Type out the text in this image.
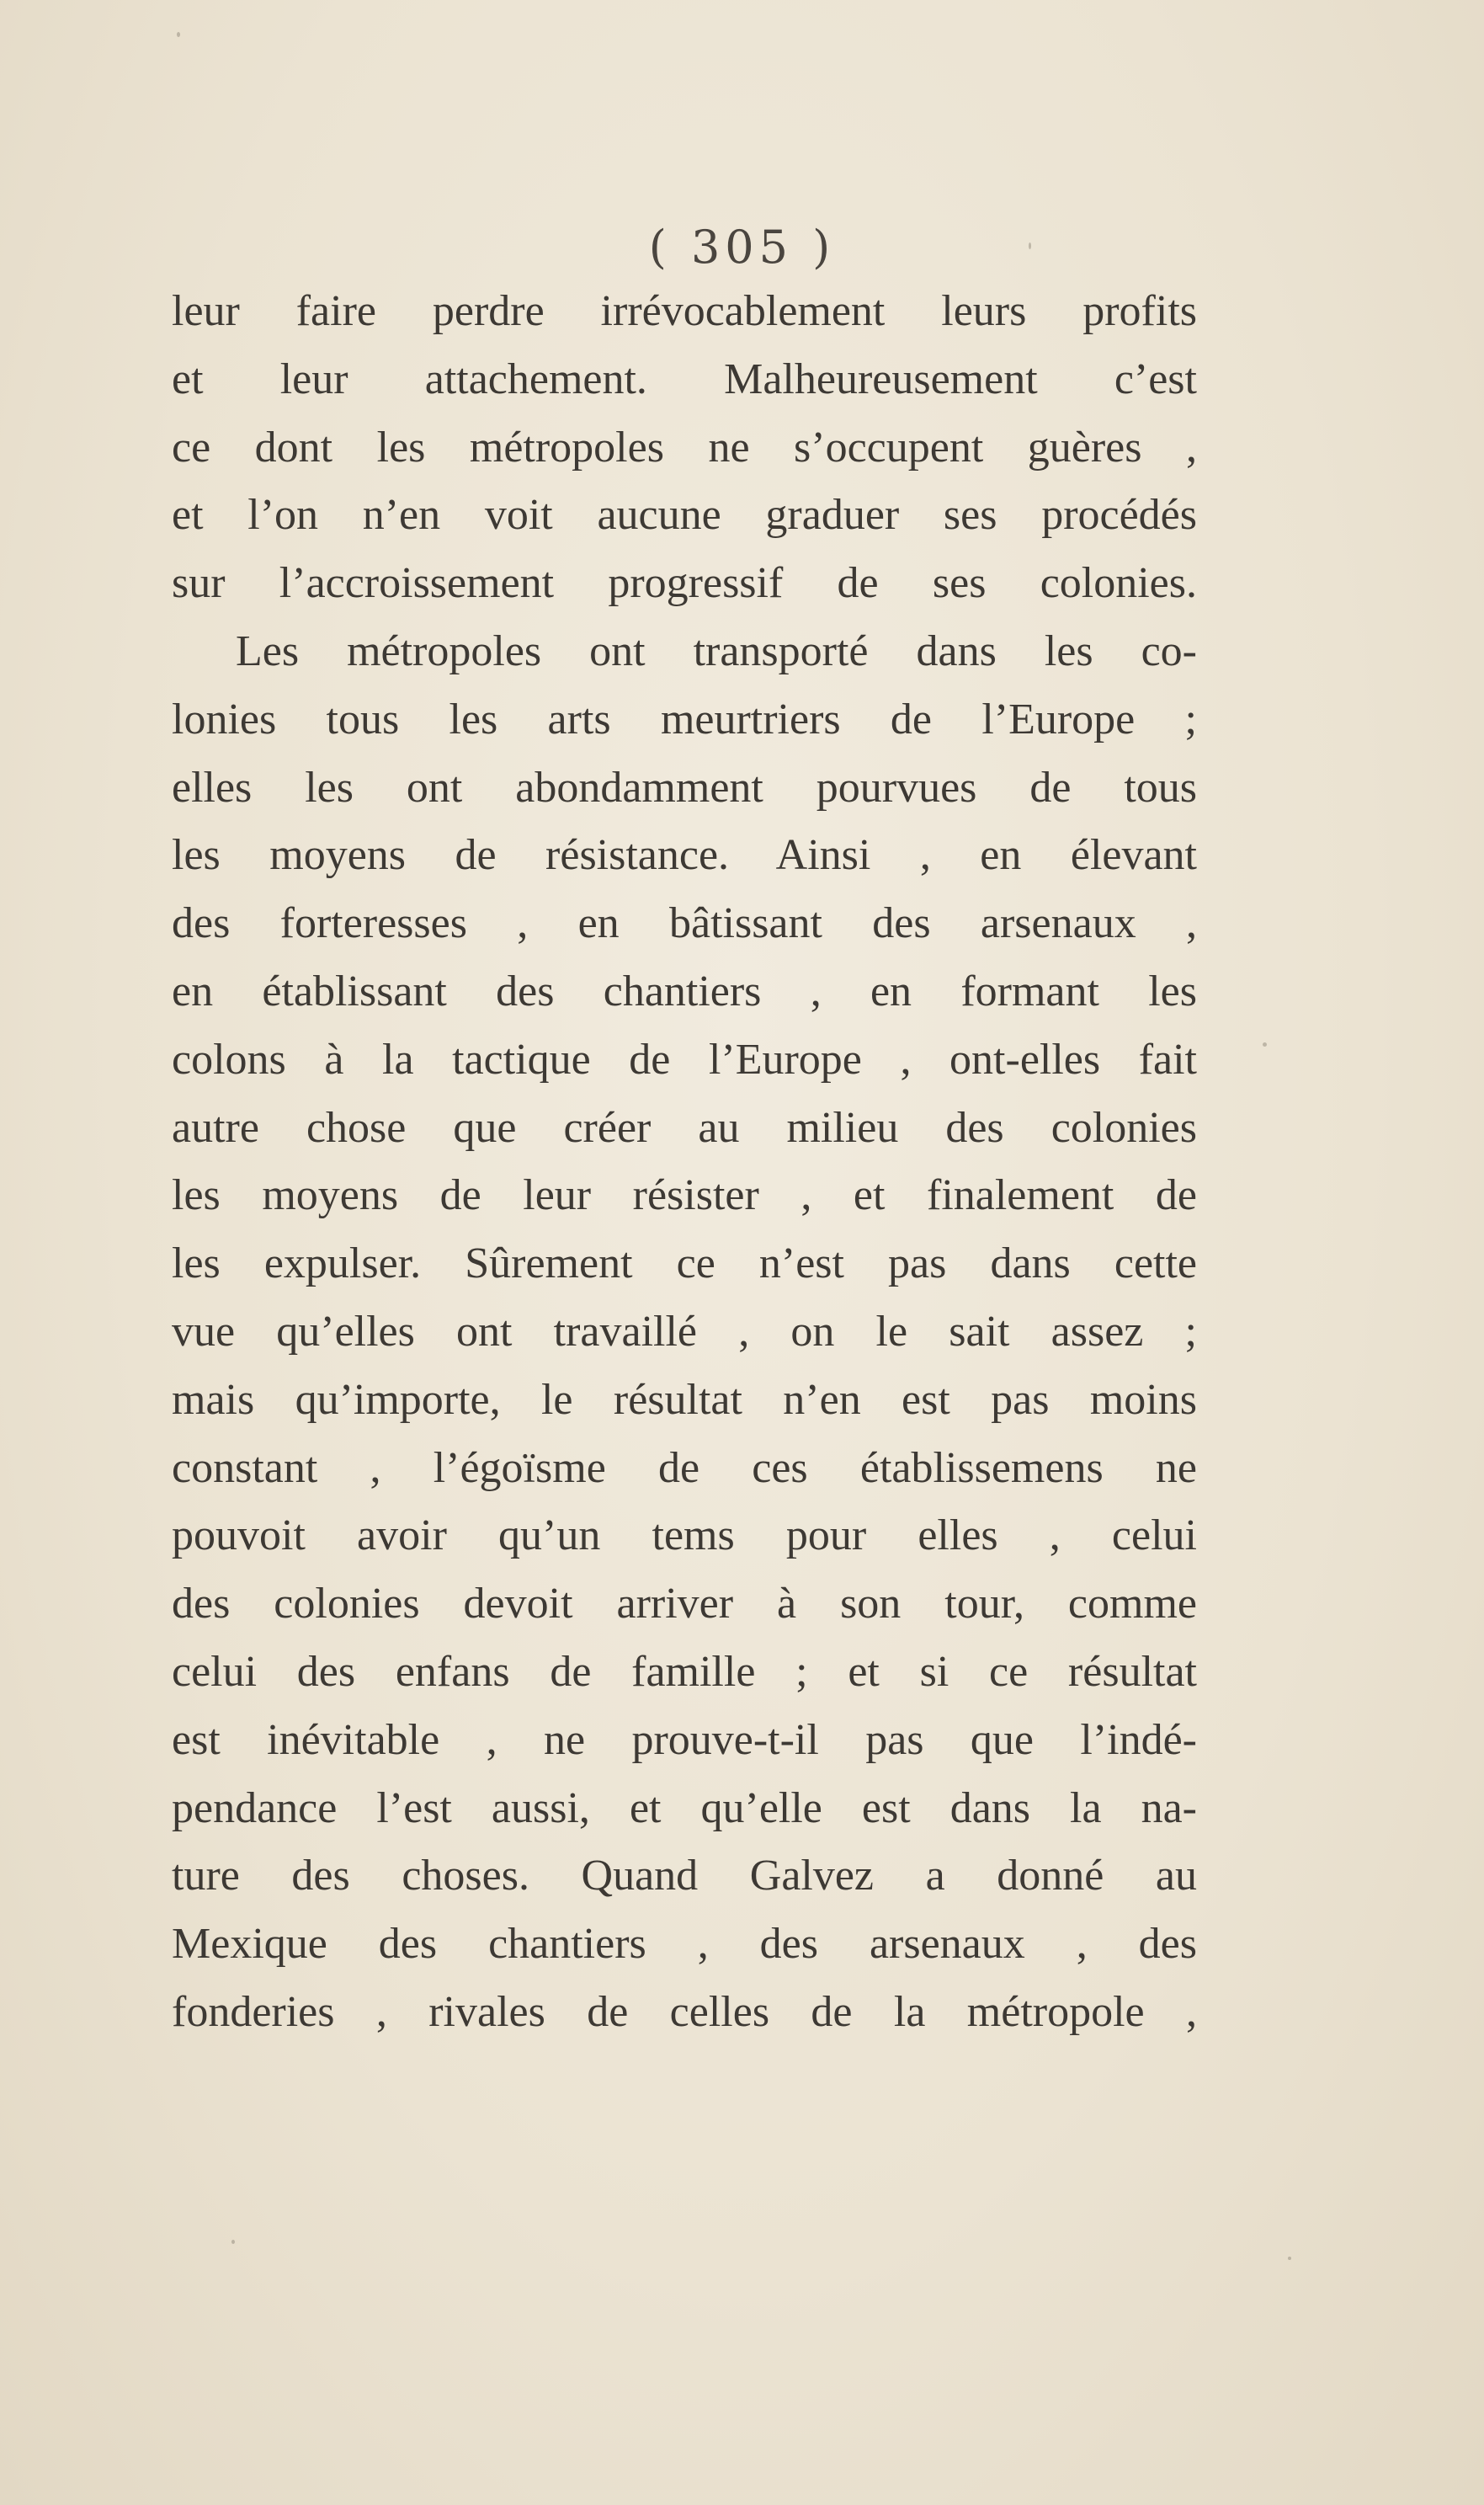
( 305 )
leur faire perdre irrévocablement leurs profits
et leur attachement. Malheureusement c’est
ce dont les métropoles ne s’occupent guères ,
et l’on n’en voit aucune graduer ses procédés
sur l’accroissement progressif de ses colonies.
Les métropoles ont transporté dans les co-
lonies tous les arts meurtriers de l’Europe ;
elles les ont abondamment pourvues de tous
les moyens de résistance. Ainsi , en élevant
des forteresses , en bâtissant des arsenaux ,
en établissant des chantiers , en formant les
colons à la tactique de l’Europe , ont-elles fait
autre chose que créer au milieu des colonies
les moyens de leur résister , et finalement de
les expulser. Sûrement ce n’est pas dans cette
vue qu’elles ont travaillé , on le sait assez ;
mais qu’importe, le résultat n’en est pas moins
constant , l’égoïsme de ces établissemens ne
pouvoit avoir qu’un tems pour elles , celui
des colonies devoit arriver à son tour, comme
celui des enfans de famille ; et si ce résultat
est inévitable , ne prouve-t-il pas que l’indé-
pendance l’est aussi, et qu’elle est dans la na-
ture des choses. Quand Galvez a donné au
Mexique des chantiers , des arsenaux , des
fonderies , rivales de celles de la métropole ,
